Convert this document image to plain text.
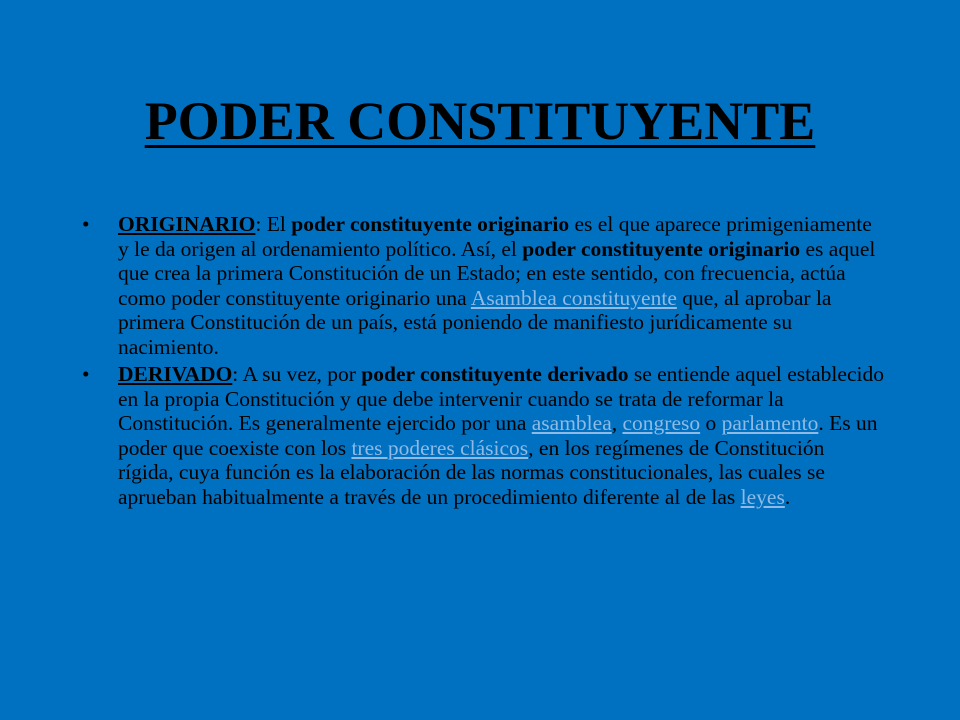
PODER CONSTITUYENTE
• ORIGINARIO: El poder constituyente originario es el que aparece primigeniamente y le da origen al ordenamiento político. Así, el poder constituyente originario es aquel que crea la primera Constitución de un Estado; en este sentido, con frecuencia, actúa como poder constituyente originario una Asamblea constituyente que, al aprobar la primera Constitución de un país, está poniendo de manifiesto jurídicamente su nacimiento.
• DERIVADO: A su vez, por poder constituyente derivado se entiende aquel establecido en la propia Constitución y que debe intervenir cuando se trata de reformar la Constitución. Es generalmente ejercido por una asamblea, congreso o parlamento. Es un poder que coexiste con los tres poderes clásicos, en los regímenes de Constitución rígida, cuya función es la elaboración de las normas constitucionales, las cuales se aprueban habitualmente a través de un procedimiento diferente al de las leyes.
